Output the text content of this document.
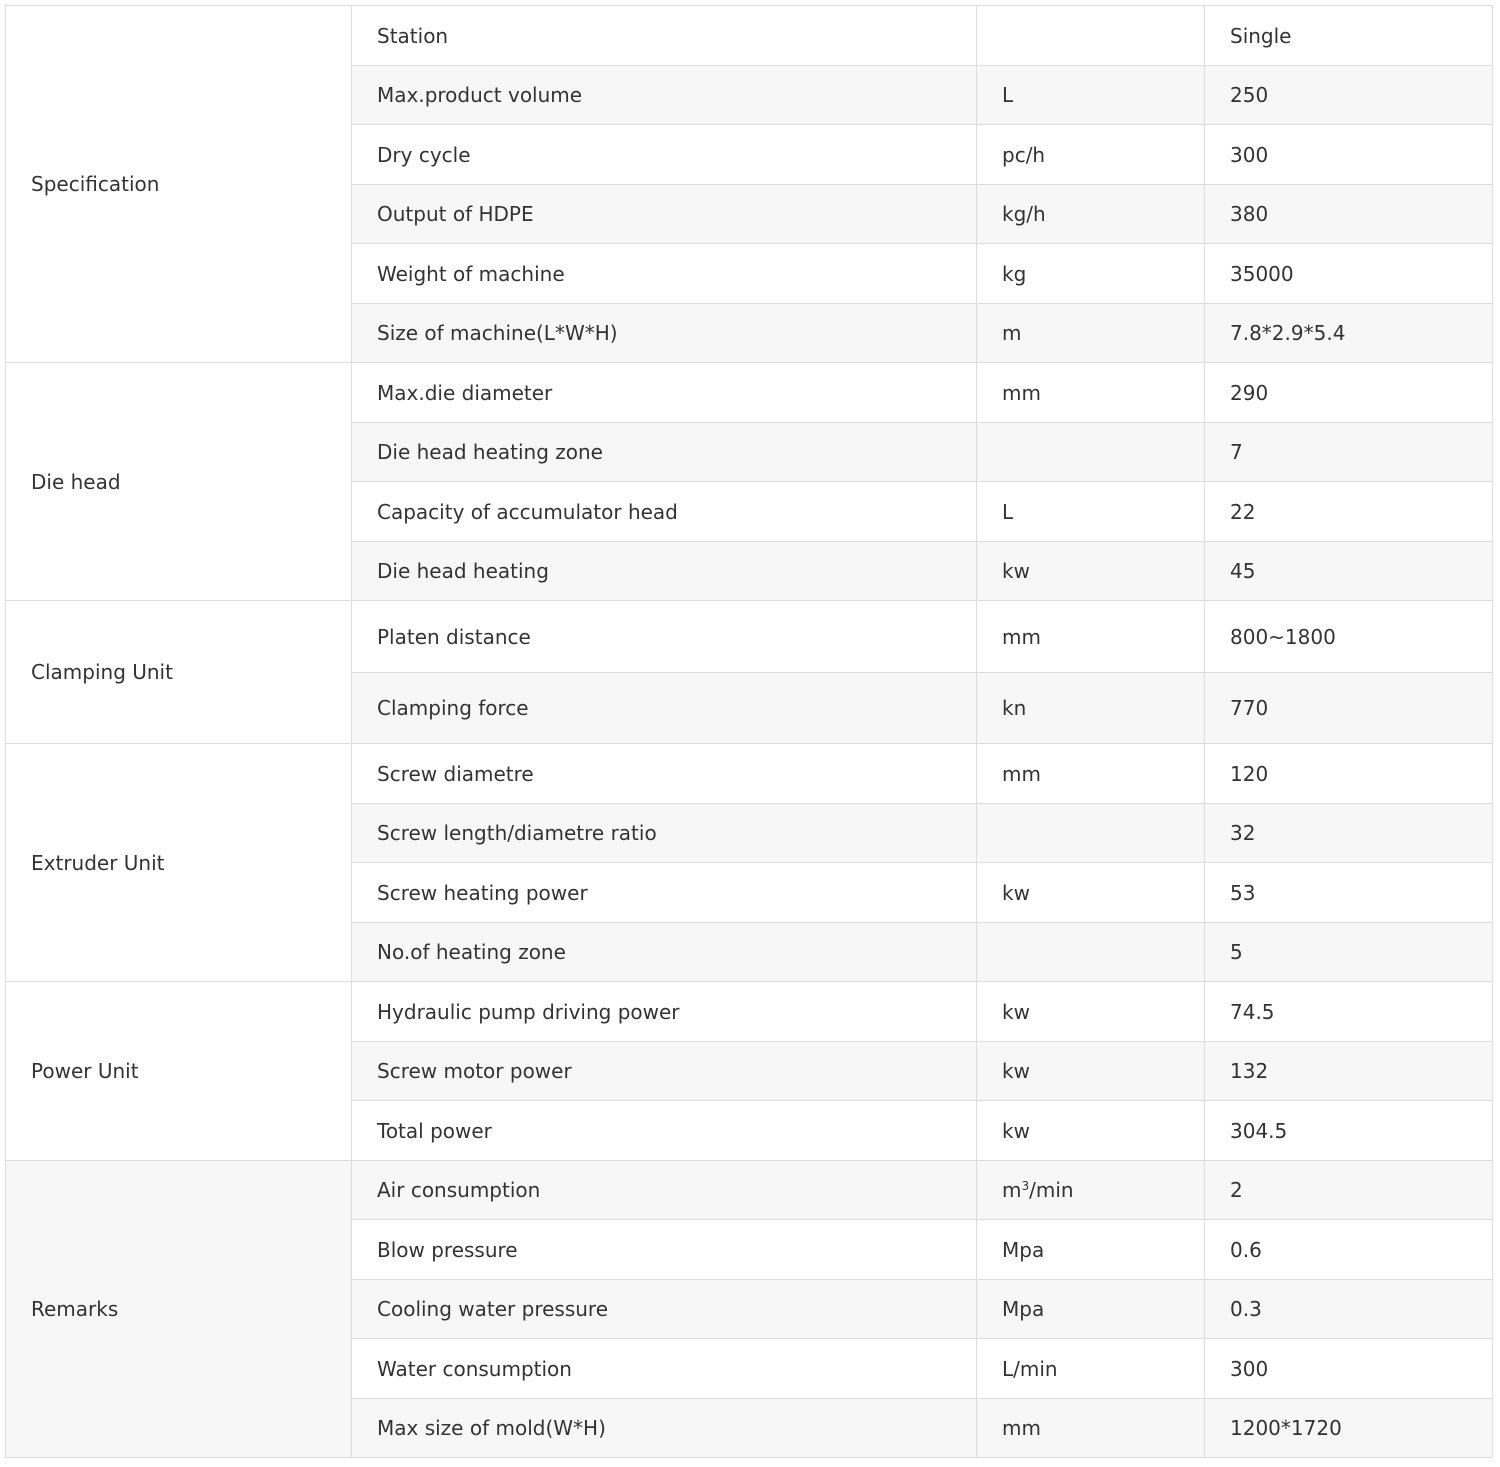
Specification	Station		Single
	Max.product volume	L	250
	Dry cycle	pc/h	300
	Output of HDPE	kg/h	380
	Weight of machine	kg	35000
	Size of machine(L*W*H)	m	7.8*2.9*5.4
Die head	Max.die diameter	mm	290
	Die head heating zone		7
	Capacity of accumulator head	L	22
	Die head heating	kw	45
Clamping Unit	Platen distance	mm	800~1800
	Clamping force	kn	770
Extruder Unit	Screw diametre	mm	120
	Screw length/diametre ratio		32
	Screw heating power	kw	53
	No.of heating zone		5
Power Unit	Hydraulic pump driving power	kw	74.5
	Screw motor power	kw	132
	Total power	kw	304.5
Remarks	Air consumption	$m^3/\min$	2
	Blow pressure	Mpa	0.6
	Cooling water pressure	Mpa	0.3
	Water consumption	L/min	300
	Max size of mold(W*H)	mm	1200*1720
